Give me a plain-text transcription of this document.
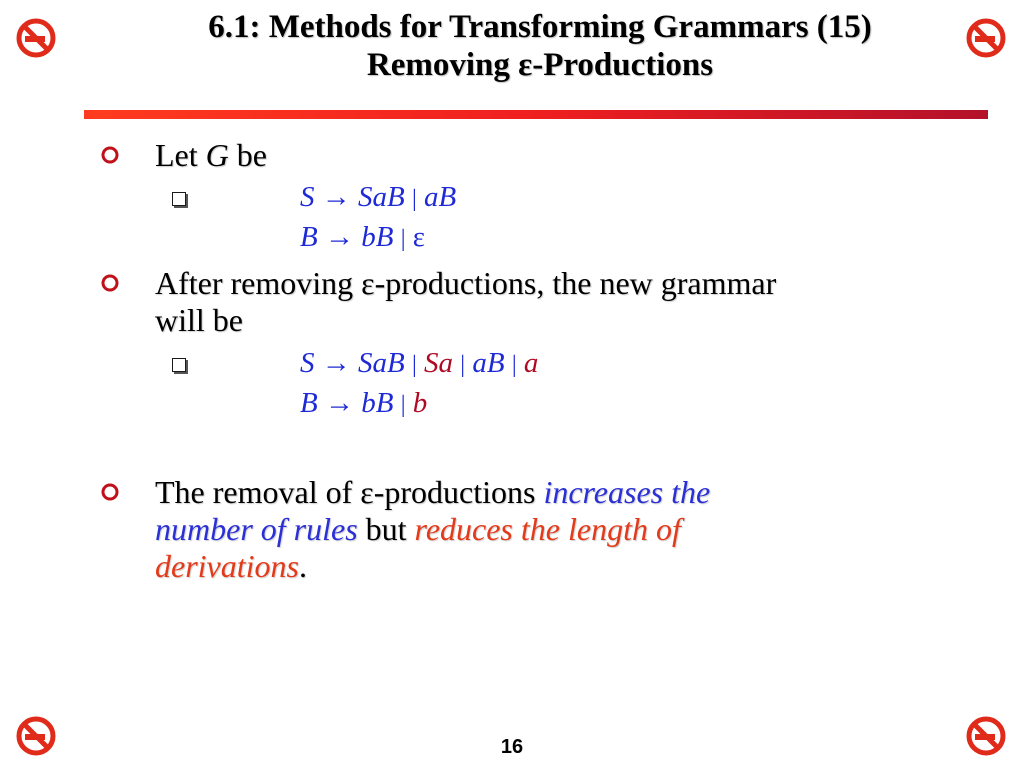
6.1: Methods for Transforming Grammars (15)
Removing ε-Productions
Let G be
S → SaB | aB
B → bB | ε
After removing ε-productions, the new grammar
will be
S → SaB | Sa | aB | a
B → bB | b
The removal of ε-productions increases the
number of rules but reduces the length of
derivations.
16
